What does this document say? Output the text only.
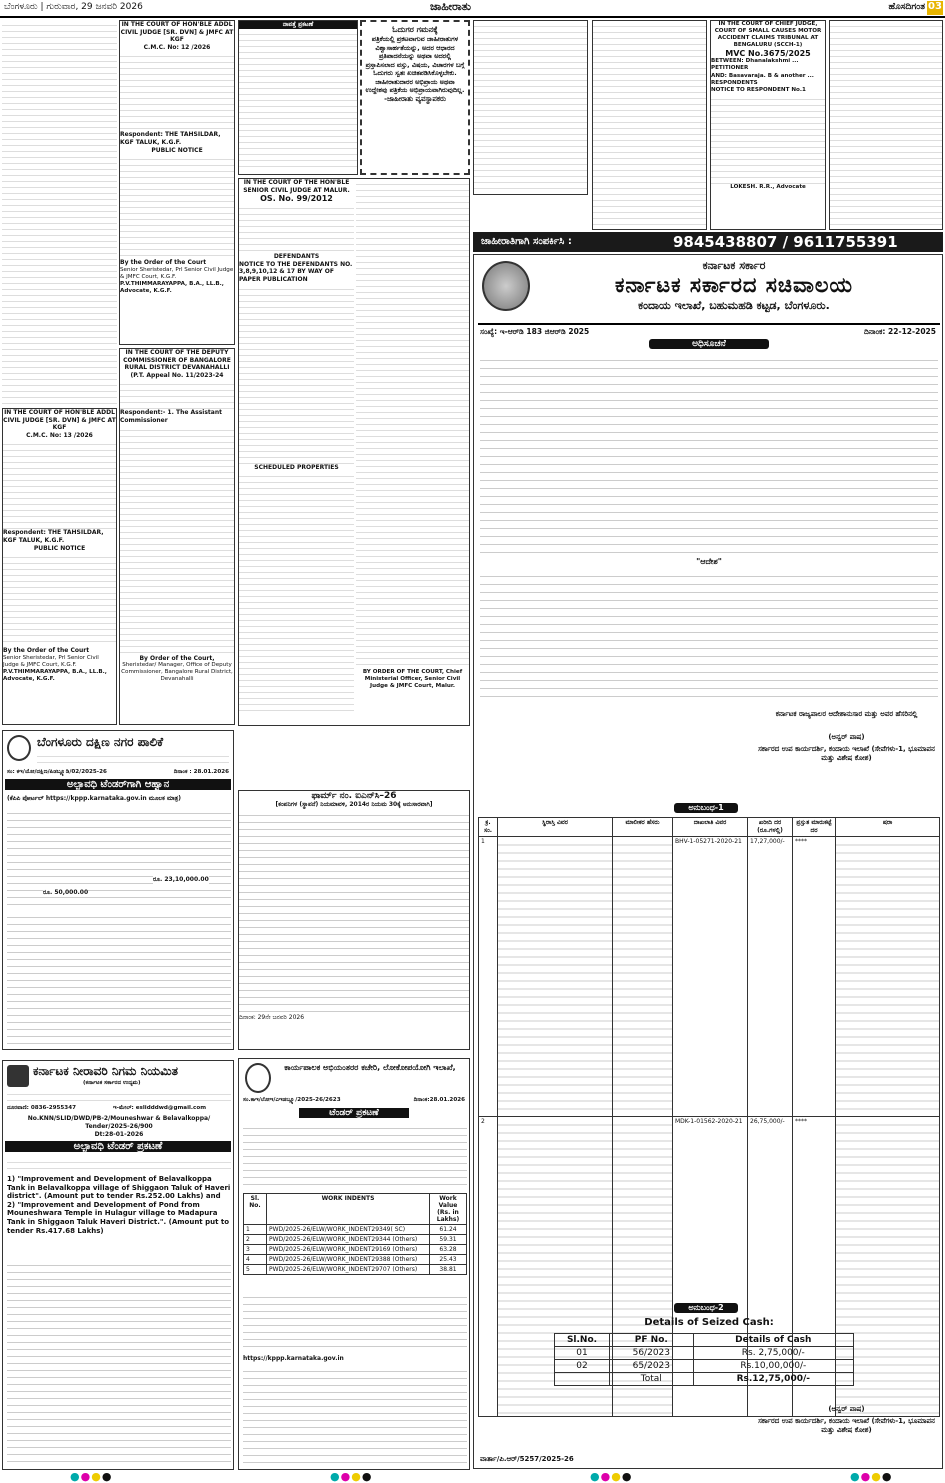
ಬೆಂಗಳೂರು | ಗುರುವಾರ, 29 ಜನವರಿ 2026	ಜಾಹೀರಾತು	ಹೊಸದಿಗಂತ 03
IN THE COURT OF HON'BLE ADDL CIVIL JUDGE [SR. DVN] & JMFC AT KGF
C.M.C. No: 12 /2026
Respondent: THE TAHSILDAR, KGF TALUK, K.G.F.
PUBLIC NOTICE
By the Order of the Court
Senior Sheristedar, Prl Senior Civil Judge & JMFC Court, K.G.F.
P.V.THIMMARAYAPPA, B.A., LL.B., Advocate, K.G.F.
IN THE COURT OF THE DEPUTY COMMISSIONER OF BANGALORE RURAL DISTRICT DEVANAHALLI
(P.T. Appeal No. 11/2023-24
Respondent:- 1. The Assistant Commissioner
By Order of the Court,
Sheristedar/ Manager, Office of Deputy Commissioner, Bangalore Rural District, Devanahalli
IN THE COURT OF HON'BLE ADDL CIVIL JUDGE [SR. DVN] & JMFC AT KGF
C.M.C. No: 13 /2026
Respondent: THE TAHSILDAR, KGF TALUK, K.G.F.
PUBLIC NOTICE
By the Order of the Court
Senior Sheristedar, Prl Senior Civil Judge & JMFC Court, K.G.F.
P.V.THIMMARAYAPPA, B.A., LL.B., Advocate, K.G.F.
ನಾಪತ್ತೆ ಪ್ರಕಟಣೆ
ಓದುಗರ ಗಮನಕ್ಕೆ
ಪತ್ರಿಕೆಯಲ್ಲಿ ಪ್ರಕಟವಾಗುವ ಜಾಹೀರಾತುಗಳ ವಿಶ್ವಾಸಾರ್ಹತೆಯನ್ನು, ಅದರ ಆಧಾರದ ಪ್ರತಿಪಾದನೆಯನ್ನು ಅಥವಾ ಅದರಲ್ಲಿ ಪ್ರಸ್ತಾಪಿಸಲಾದ ವಸ್ತು, ವಿಷಯ, ವಿಚಾರಗಳ ಬಗ್ಗೆ ಓದುಗರು ಸ್ವತಃ ಖಚಿತಪಡಿಸಿಕೊಳ್ಳಬೇಕು.
ಜಾಹೀರಾತುದಾರರ ಅಭಿಪ್ರಾಯ ಅಥವಾ ಉದ್ದೇಶವು ಪತ್ರಿಕೆಯ ಅಭಿಪ್ರಾಯವಾಗಿರುವುದಿಲ್ಲ.
-ಜಾಹೀರಾತು ವ್ಯವಸ್ಥಾಪಕರು
IN THE COURT OF THE HON'BLE SENIOR CIVIL JUDGE AT MALUR.
OS. No. 99/2012
DEFENDANTS
NOTICE TO THE DEFENDANTS NO. 3,8,9,10,12 & 17 BY WAY OF PAPER PUBLICATION
SCHEDULED PROPERTIES
BY ORDER OF THE COURT, Chief Ministerial Officer, Senior Civil Judge & JMFC Court, Malur.
IN THE COURT OF CHIEF JUDGE, COURT OF SMALL CAUSES MOTOR ACCIDENT CLAIMS TRIBUNAL AT BENGALURU (SCCH-1)
MVC No.3675/2025
BETWEEN: Dhanalakshmi ... PETITIONER
AND: Basavaraja. B & another ... RESPONDENTS
NOTICE TO RESPONDENT No.1
LOKESH. R.R., Advocate
ಜಾಹೀರಾತಿಗಾಗಿ ಸಂಪರ್ಕಿಸಿ :	9845438807 / 9611755391
ಕರ್ನಾಟಕ ಸರ್ಕಾರ
ಕರ್ನಾಟಕ ಸರ್ಕಾರದ ಸಚಿವಾಲಯ
ಕಂದಾಯ ಇಲಾಖೆ, ಬಹುಮಹಡಿ ಕಟ್ಟಡ, ಬೆಂಗಳೂರು.
ಸಂಖ್ಯೆ: ಇ-ಆರ್‌ಡಿ 183 ಜಿಆರ್‌ಡಿ 2025	ದಿನಾಂಕ: 22-12-2025
ಅಧಿಸೂಚನೆ
"ಆದೇಶ"
ಕರ್ನಾಟಕ ರಾಜ್ಯಪಾಲರ ಆದೇಶಾನುಸಾರ ಮತ್ತು ಅವರ ಹೆಸರಿನಲ್ಲಿ
(ಅನ್ವರ್ ಪಾಷ)
ಸರ್ಕಾರದ ಉಪ ಕಾರ್ಯದರ್ಶಿ, ಕಂದಾಯ ಇಲಾಖೆ (ಸೇವೆಗಳು-1, ಭೂಮಾಪನ ಮತ್ತು ವಿಶೇಷ ಕೋಶ)
ಅನುಬಂಧ-1
ಕ್ರ. ಸಂ.	ಸ್ಥಿರಾಸ್ತಿ ವಿವರ	ಮಾಲೀಕರ ಹೆಸರು	ದಾಖಲಾತಿ ವಿವರ	ಖರೀದಿ ದರ (ರೂ.ಗಳಲ್ಲಿ)	ಪ್ರಸ್ತುತ ಮಾರುಕಟ್ಟೆ ದರ	ಷರಾ
1			BHV-1-05271-2020-21	17,27,000/-	****	
2			MDK-1-01562-2020-21	26,75,000/-	****	
ಅನುಬಂಧ-2
Details of Seized Cash:
Sl.No.	PF No.	Details of Cash
01	56/2023	Rs. 2,75,000/-
02	65/2023	Rs.10,00,000/-
	Total	Rs.12,75,000/-
(ಅನ್ವರ್ ಪಾಷ)
ಸರ್ಕಾರದ ಉಪ ಕಾರ್ಯದರ್ಶಿ, ಕಂದಾಯ ಇಲಾಖೆ (ಸೇವೆಗಳು-1, ಭೂಮಾಪನ ಮತ್ತು ವಿಶೇಷ ಕೋಶ)
ವಾರ್ತಾ/ಪಿ.ಆರ್/5257/2025-26
ಬೆಂಗಳೂರು ದಕ್ಷಿಣ ನಗರ ಪಾಲಿಕೆ
ಸಂ: ಕಇ/ಯೋ/ದಕ್ಷಿಣ/ಪಿಡಬ್ಲ್ಯೂಡಿ/02/2025-26	ದಿನಾಂಕ : 28.01.2026
ಅಲ್ಪಾವಧಿ ಟೆಂಡರ್‌ಗಾಗಿ ಆಹ್ವಾನ
(ಕೆಪಿಪಿ ಪೋರ್ಟಲ್ https://kppp.karnataka.gov.in ಮೂಲಕ ಮಾತ್ರ)
ರೂ. 23,10,000.00
ರೂ. 50,000.00
ಕರ್ನಾಟಕ ನೀರಾವರಿ ನಿಗಮ ನಿಯಮಿತ
(ಕರ್ನಾಟಕ ಸರ್ಕಾರದ ಉದ್ಯಮ)
ದೂರವಾಣಿ: 0836-2955347	ಇ-ಮೇಲ್: eslidddwd@gmail.com
No.KNN/SLID/DWD/PB-2/Mouneshwar & Belavalkoppa/ Tender/2025-26/900
Dt:28-01-2026
ಅಲ್ಪಾವಧಿ ಟೆಂಡರ್ ಪ್ರಕಟಣೆ
1) "Improvement and Development of Belavalkoppa Tank in Belavalkoppa village of Shiggaon Taluk of Haveri district". (Amount put to tender Rs.252.00 Lakhs) and 2) "Improvement and Development of Pond from Mouneshwara Temple in Hulagur village to Madapura Tank in Shiggaon Taluk Haveri District.". (Amount put to tender Rs.417.68 Lakhs)
ಫಾರ್ಮ್ ನಂ. ಐಎನ್‌ಸಿ–26
[ಕಂಪನಿಗಳ (ಸ್ಥಾಪನೆ) ನಿಯಮಾವಳಿ, 2014ರ ನಿಯಮ 30ಕ್ಕೆ ಅನುಸಾರವಾಗಿ]
ದಿನಾಂಕ: 29ನೇ ಜನವರಿ 2026
ಕಾರ್ಯಪಾಲಕ ಅಭಿಯಂತರರ ಕಚೇರಿ, ಲೋಕೋಪಯೋಗಿ ಇಲಾಖೆ,
ಸಂ.ಕಾಇ/ಲೋಇ/ಎಇಡಬ್ಲ್ಯೂ/2025-26/2623	ದಿನಾಂಕ:28.01.2026
ಟೆಂಡರ್ ಪ್ರಕಟಣೆ
Sl. No.	WORK INDENTS	Work Value (Rs. in Lakhs)
1	PWD/2025-26/ELW/WORK_INDENT29349( SC)	61.24
2	PWD/2025-26/ELW/WORK_INDENT29344 (Others)	59.31
3	PWD/2025-26/ELW/WORK_INDENT29169 (Others)	63.28
4	PWD/2025-26/ELW/WORK_INDENT29388 (Others)	25.43
5	PWD/2025-26/ELW/WORK_INDENT29707 (Others)	38.81
https://kppp.karnataka.gov.in
●●●●	●●●●	●●●●	●●●●
